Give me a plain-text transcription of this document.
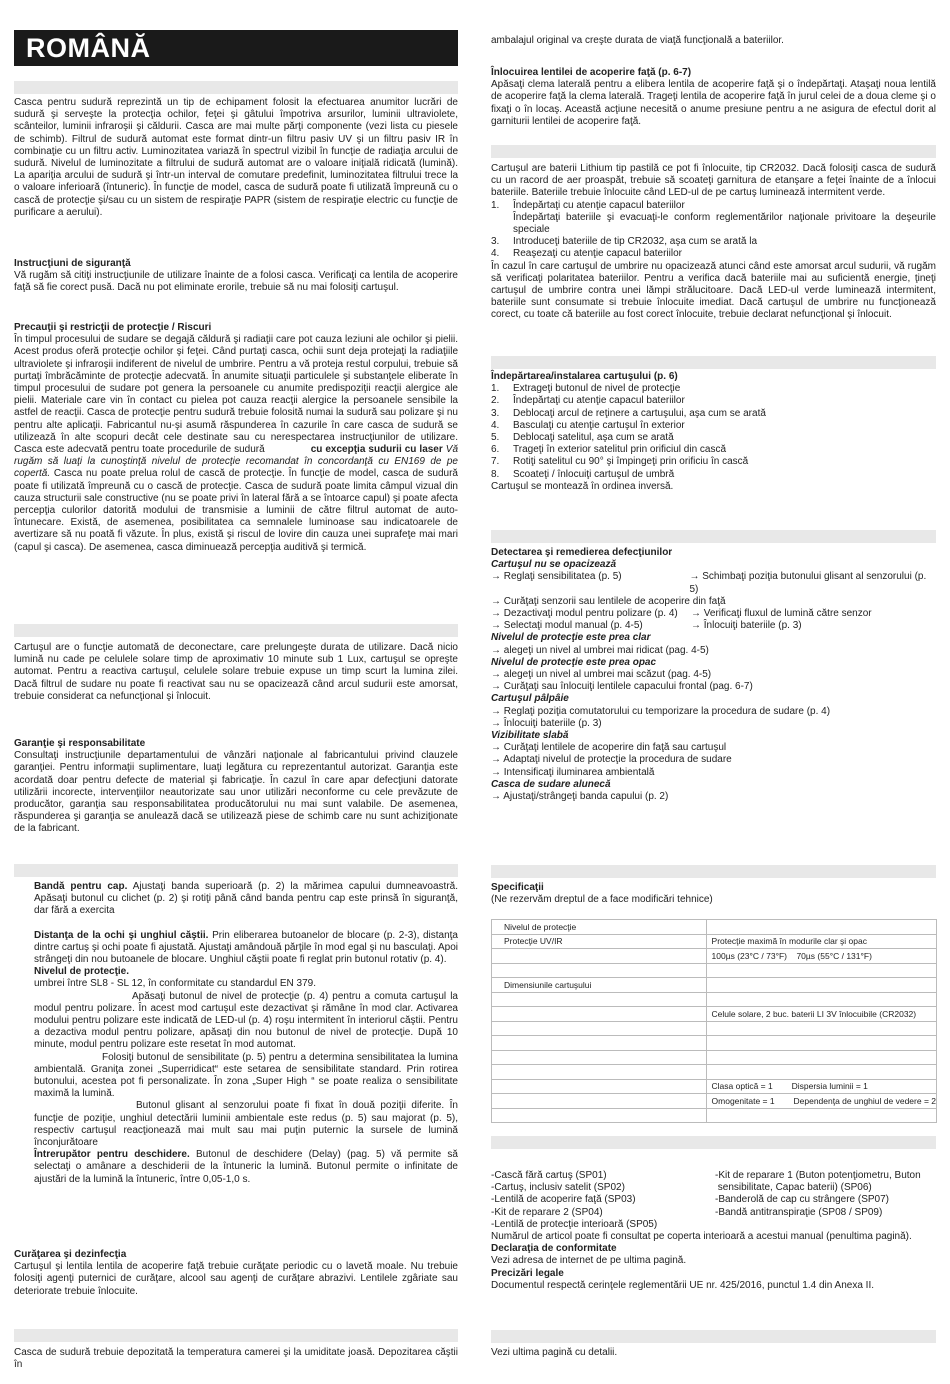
ROMÂNĂ

Casca pentru sudură reprezintă un tip de echipament folosit la efectuarea anumitor lucrări de sudură şi serveşte la protecţia ochilor, feţei şi gâtului împotriva arsurilor, luminii ultraviolete, scânteilor, luminii infraroşii şi căldurii. Casca are mai multe părţi componente (vezi lista cu piesele de schimb). Filtrul de sudură automat este format dintr-un filtru pasiv UV şi un filtru pasiv IR în combinaţie cu un filtru activ. Luminozitatea variază în spectrul vizibil în funcţie de radiaţia arcului de sudură. Nivelul de luminozitate a filtrului de sudură automat are o valoare iniţială ridicată (lumină). La apariţia arcului de sudură şi într-un interval de comutare predefinit, luminozitatea filtrului trece la o valoare inferioară (întuneric). În funcţie de model, casca de sudură poate fi utilizată împreună cu o cască de protecţie şi/sau cu un sistem de respiraţie PAPR (sistem de respiraţie electric cu funcţie de purificare a aerului).

Instrucţiuni de siguranţă

Vă rugăm să citiţi instrucţiunile de utilizare înainte de a folosi casca. Verificaţi ca lentila de acoperire faţă să fie corect pusă. Dacă nu pot eliminate erorile, trebuie să nu mai folosiţi cartuşul.

Precauţii şi restricţii de protecţie / Riscuri

În timpul procesului de sudare se degajă căldură şi radiaţii care pot cauza leziuni ale ochilor şi pielii. Acest produs oferă protecţie ochilor şi feţei. Când purtaţi casca, ochii sunt deja protejaţi la radiaţiile ultraviolete şi infraroşii indiferent de nivelul de umbrire. Pentru a vă proteja restul corpului, trebuie să purtaţi îmbrăcăminte de protecţie adecvată. În anumite situaţii particulele şi substanţele eliberate în timpul procesului de sudare pot genera la persoanele cu anumite predispoziţii reacţii alergice ale pielii. Materiale care vin în contact cu pielea pot cauza reacţii alergice la persoanele sensibile la astfel de reacţii. Casca de protecţie pentru sudură trebuie folosită numai la sudură sau polizare şi nu pentru alte aplicaţii. Fabricantul nu-şi asumă răspunderea în cazurile în care casca de sudură se utilizează în alte scopuri decât cele destinate sau cu nerespectarea instrucţiunilor de utilizare. Casca este adecvată pentru toate procedurile de sudură	cu excepţia sudurii cu laser Vă rugăm să luaţi la cunoştinţă nivelul de protecţie recomandat în concordanţă cu EN169 de pe copertă. Casca nu poate prelua rolul de cască de protecţie. În funcţie de model, casca de sudură poate fi utilizată împreună cu o cască de protecţie. Casca de sudură poate limita câmpul vizual din cauza structurii sale constructive (nu se poate privi în lateral fără a se întoarce capul) şi poate afecta percepţia culorilor datorită modului de transmisie a luminii de către filtrul automat de auto-întunecare. Există, de asemenea, posibilitatea ca semnalele luminoase sau indicatoarele de avertizare să nu poată fi văzute. În plus, există şi riscul de lovire din cauza unei suprafeţe mai mari (capul şi casca). De asemenea, casca diminuează percepţia auditivă şi termică.

Cartuşul are o funcţie automată de deconectare, care prelungeşte durata de utilizare. Dacă nicio lumină nu cade pe celulele solare timp de aproximativ 10 minute sub 1 Lux, cartuşul se opreşte automat. Pentru a reactiva cartuşul, celulele solare trebuie expuse un timp scurt la lumina zilei. Dacă filtrul de sudare nu poate fi reactivat sau nu se opacizează când arcul sudurii este amorsat, trebuie considerat ca nefuncţional şi înlocuit.

Garanţie şi responsabilitate

Consultaţi instrucţiunile departamentului de vânzări naţionale al fabricantului privind clauzele garanţiei. Pentru informaţii suplimentare, luaţi legătura cu reprezentantul autorizat. Garanţia este acordată doar pentru defecte de material şi fabricaţie. În cazul în care apar defecţiuni datorate utilizării incorecte, intervenţiilor neautorizate sau unor utilizări neconforme cu cele prevăzute de producător, garanţia sau responsabilitatea producătorului nu mai sunt valabile. De asemenea, răspunderea şi garanţia se anulează dacă se utilizează piese de schimb care nu sunt achiziţionate de la fabricant.

Bandă pentru cap. Ajustaţi banda superioară (p. 2) la mărimea capului dumneavoastră. Apăsaţi butonul cu clichet (p. 2) şi rotiţi până când banda pentru cap este prinsă în siguranţă, dar fără a exercita

Distanţa de la ochi şi unghiul căştii. Prin eliberarea butoanelor de blocare (p. 2-3), distanţa dintre cartuş şi ochi poate fi ajustată. Ajustaţi amândouă părţile în mod egal şi nu basculaţi. Apoi strângeţi din nou butoanele de blocare. Unghiul căştii poate fi reglat prin butonul rotativ (p. 4).

Nivelul de protecţie.

umbrei între SL8 - SL 12, în conformitate cu standardul EN 379.

Apăsaţi butonul de nivel de protecţie (p. 4) pentru a comuta cartuşul la modul pentru polizare. În acest mod cartuşul este dezactivat şi rămâne în mod clar. Activarea modului pentru polizare este indicată de LED-ul (p. 4) roşu intermitent în interiorul căştii. Pentru a dezactiva modul pentru polizare, apăsaţi din nou butonul de nivel de protecţie. După 10 minute, modul pentru polizare este resetat în mod automat.

Folosiţi butonul de sensibilitate (p. 5) pentru a determina sensibilitatea la lumina ambientală. Graniţa zonei „Superridicat“ este setarea de sensibilitate standard. Prin rotirea butonului, acestea pot fi personalizate. În zona „Super High “ se poate realiza o sensibilitate maximă la lumină.

Butonul glisant al senzorului poate fi fixat în două poziţii diferite. În funcţie de poziţie, unghiul detectării luminii ambientale este redus (p. 5) sau majorat (p. 5), respectiv cartuşul reacţionează mai mult sau mai puţin puternic la sursele de lumină înconjurătoare

Întrerupător pentru deschidere. Butonul de deschidere (Delay) (pag. 5) vă permite să selectaţi o amânare a deschiderii de la întuneric la lumină. Butonul permite o infinitate de ajustări de la lumină la întuneric, între 0,05-1,0 s.

Curăţarea şi dezinfecţia

Cartuşul şi lentila lentila de acoperire faţă trebuie curăţate periodic cu o lavetă moale. Nu trebuie folosiţi agenţi puternici de curăţare, alcool sau agenţi de curăţare abrazivi. Lentilele zgâriate sau deteriorate trebuie înlocuite.

Casca de sudură trebuie depozitată la temperatura camerei şi la umiditate joasă. Depozitarea căştii în

ambalajul original va creşte durata de viaţă funcţională a bateriilor.

Înlocuirea lentilei de acoperire faţă (p. 6-7)

Apăsaţi clema laterală pentru a elibera lentila de acoperire faţă şi o îndepărtaţi. Ataşaţi noua lentilă de acoperire faţă la clema laterală. Trageţi lentila de acoperire faţă în jurul celei de a doua cleme şi o fixaţi o în locaş. Această acţiune necesită o anume presiune pentru a ne asigura de efectul dorit al garniturii lentilei de acoperire faţă.

Cartuşul are baterii Lithium tip pastilă ce pot fi înlocuite, tip CR2032. Dacă folosiţi casca de sudură cu un racord de aer proaspăt, trebuie să scoateţi garnitura de etanşare a feţei înainte de a înlocui bateriile. Bateriile trebuie înlocuite când LED-ul de pe cartuş luminează intermitent verde.

1. Îndepărtaţi cu atenţie capacul bateriilor
Îndepărtaţi bateriile şi evacuaţi-le conform reglementărilor naţionale privitoare la deşeurile speciale
3. Introduceţi bateriile de tip CR2032, aşa cum se arată la
4. Reaşezaţi cu atenţie capacul bateriilor

În cazul în care cartuşul de umbrire nu opacizează atunci când este amorsat arcul sudurii, vă rugăm să verificaţi polaritatea bateriilor. Pentru a verifica dacă bateriile mai au suficientă energie, ţineţi cartuşul de umbrire contra unei lămpi strălucitoare. Dacă LED-ul verde luminează intermitent, bateriile sunt consumate si trebuie înlocuite imediat. Dacă cartuşul de umbrire nu funcţionează corect, cu toate că bateriile au fost corect înlocuite, trebuie declarat nefuncţional şi înlocuit.

Îndepărtarea/instalarea cartuşului (p. 6)
1. Extrageţi butonul de nivel de protecţie
2. Îndepărtaţi cu atenţie capacul bateriilor
3. Deblocaţi arcul de reţinere a cartuşului, aşa cum se arată
4. Basculaţi cu atenţie cartuşul în exterior
5. Deblocaţi satelitul, aşa cum se arată
6. Trageţi în exterior satelitul prin orificiul din cască
7. Rotiţi satelitul cu 90° şi împingeţi prin orificiu în cască
8. Scoateţi / înlocuiţi cartuşul de umbră

Cartuşul se montează în ordinea inversă.

Detectarea şi remedierea defecţiunilor
Cartuşul nu se opacizează
→ Reglaţi sensibilitatea (p. 5)	→ Schimbaţi poziţia butonului glisant al senzorului (p. 5)
→ Curăţaţi senzorii sau lentilele de acoperire din faţă
→ Dezactivaţi modul pentru polizare (p. 4)	→ Verificaţi fluxul de lumină către senzor
→ Selectaţi modul manual (p. 4-5)	→ Înlocuiţi bateriile (p. 3)
Nivelul de protecţie este prea clar
→ alegeţi un nivel al umbrei mai ridicat (pag. 4-5)
Nivelul de protecţie este prea opac
→ alegeţi un nivel al umbrei mai scăzut (pag. 4-5)
→ Curăţaţi sau înlocuiţi lentilele capacului frontal (pag. 6-7)
Cartuşul pâlpâie
→ Reglaţi poziţia comutatorului cu temporizare la procedura de sudare (p. 4)
→ Înlocuiţi bateriile (p. 3)
Vizibilitate slabă
→ Curăţaţi lentilele de acoperire din faţă sau cartuşul
→ Adaptaţi nivelul de protecţie la procedura de sudare
→ Intensificaţi iluminarea ambientală
Casca de sudare alunecă
→ Ajustaţi/strângeţi banda capului (p. 2)
Specificaţii

(Ne rezervăm dreptul de a face modificări tehnice)

Nivelul de protecţie	
Protecţie UV/IR	Protecţie maximă în modurile clar şi opac
	100µs (23°C / 73°F)    70µs (55°C / 131°F)

Dimensiunile cartuşului	

	Celule solare, 2 buc. baterii LI 3V înlocuibile (CR2032)

	Clasa optică = 1        Dispersia luminii = 1
	Omogenitate = 1        Dependenţa de unghiul de vedere = 2

-Cască fără cartuş (SP01)	-Kit de reparare 1 (Buton potenţiometru, Buton
-Cartuş, inclusiv satelit (SP02)	sensibilitate, Capac baterii) (SP06)
-Lentilă de acoperire faţă (SP03)	-Banderolă de cap cu strângere (SP07)
-Kit de reparare 2 (SP04)	-Bandă antitranspiraţie (SP08 / SP09)
-Lentilă de protecţie interioară (SP05)
Numărul de articol poate fi consultat pe coperta interioară a acestui manual (penultima pagină).
Declaraţia de conformitate
Vezi adresa de internet de pe ultima pagină.
Precizări legale
Documentul respectă cerinţele reglementării UE nr. 425/2016, punctul 1.4 din Anexa II.
Vezi ultima pagină cu detalii.
